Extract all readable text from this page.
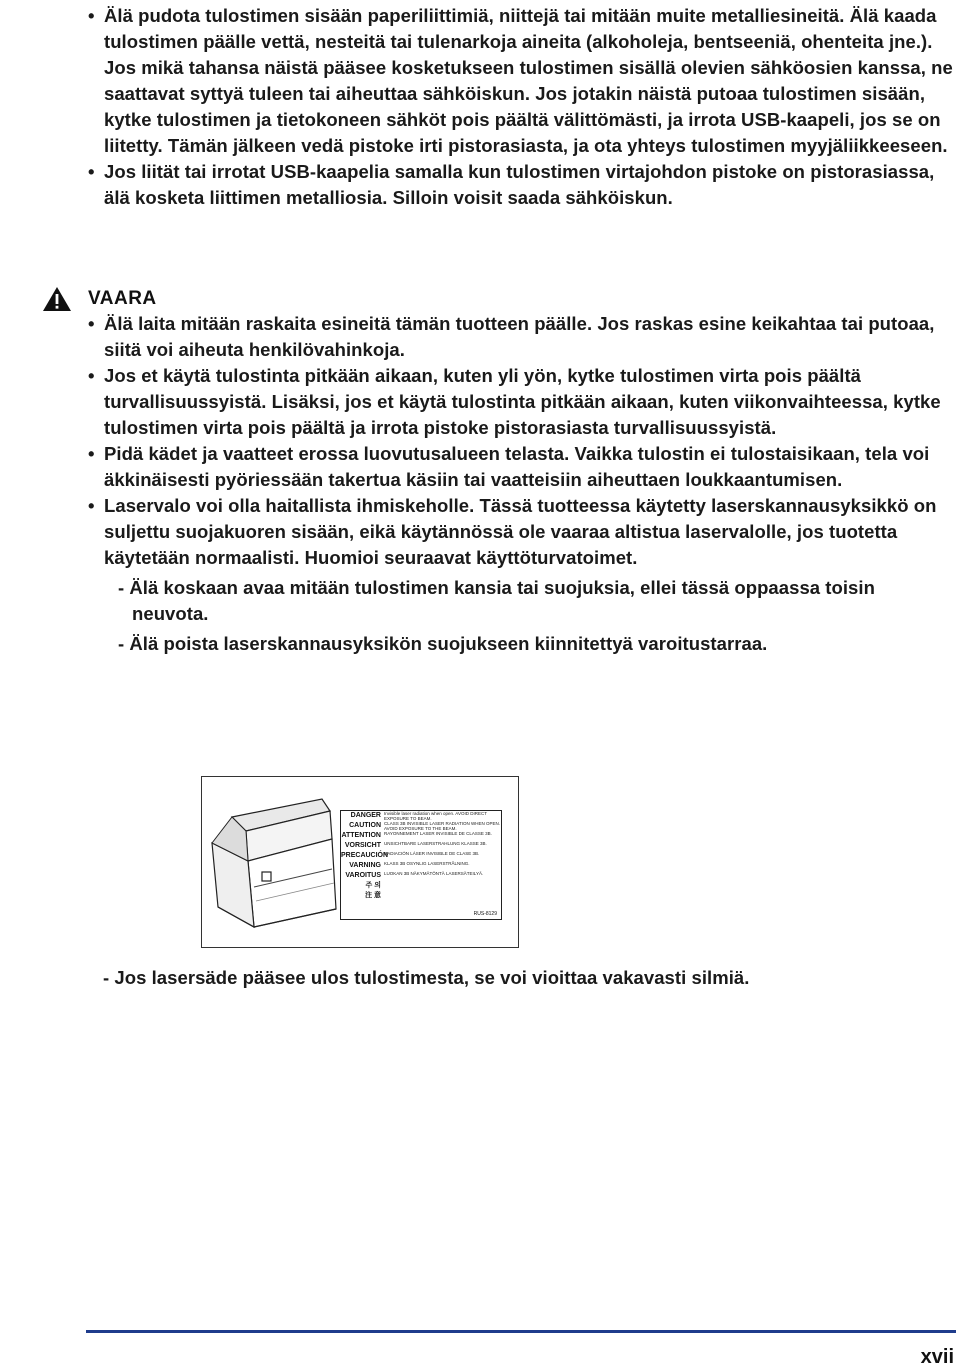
• Älä pudota tulostimen sisään paperiliittimiä, niittejä tai mitään muite metalliesineitä. Älä kaada tulostimen päälle vettä, nesteitä tai tulenarkoja aineita (alkoholeja, bentseeniä, ohenteita jne.). Jos mikä tahansa näistä pääsee kosketukseen tulostimen sisällä olevien sähköosien kanssa, ne saattavat syttyä tuleen tai aiheuttaa sähköiskun. Jos jotakin näistä putoaa tulostimen sisään, kytke tulostimen ja tietokoneen sähköt pois päältä välittömästi, ja irrota USB-kaapeli, jos se on liitetty. Tämän jälkeen vedä pistoke irti pistorasiasta, ja ota yhteys tulostimen myyjäliikkeeseen.
• Jos liität tai irrotat USB-kaapelia samalla kun tulostimen virtajohdon pistoke on pistorasiassa, älä kosketa liittimen metalliosia. Silloin voisit saada sähköiskun.
VAARA
• Älä laita mitään raskaita esineitä tämän tuotteen päälle. Jos raskas esine keikahtaa tai putoaa, siitä voi aiheuta henkilövahinkoja.
• Jos et käytä tulostinta pitkään aikaan, kuten yli yön, kytke tulostimen virta pois päältä turvallisuussyistä. Lisäksi, jos et käytä tulostinta pitkään aikaan, kuten viikonvaihteessa, kytke tulostimen virta pois päältä ja irrota pistoke pistorasiasta turvallisuussyistä.
• Pidä kädet ja vaatteet erossa luovutusalueen telasta. Vaikka tulostin ei tulostaisikaan, tela voi äkkinäisesti pyöriessään takertua käsiin tai vaatteisiin aiheuttaen loukkaantumisen.
• Laservalo voi olla haitallista ihmiskeholle. Tässä tuotteessa käytetty laserskannausyksikkö on suljettu suojakuoren sisään, eikä käytännössä ole vaaraa altistua laservalolle, jos tuotetta käytetään normaalisti. Huomioi seuraavat käyttöturvatoimet.
- Älä koskaan avaa mitään tulostimen kansia tai suojuksia, ellei tässä oppaassa toisin neuvota.
- Älä poista laserskannausyksikön suojukseen kiinnitettyä varoitustarraa.
DANGER Invisible laser radiation when open. AVOID DIRECT EXPOSURE TO BEAM.
CAUTION CLASS 3B INVISIBLE LASER RADIATION WHEN OPEN. AVOID EXPOSURE TO THE BEAM.
ATTENTION RAYONNEMENT LASER INVISIBLE DE CLASSE 3B.
VORSICHT UNSICHTBARE LASERSTRAHLUNG KLASSE 3B.
PRECAUCIÓN
RADIACIÓN LÁSER INVISIBLE DE CLASE 3B.
VARNING KLASS 3B OSYNLIG LASERSTRÅLNING.
VAROITUS LUOKAN 3B NÄKYMÄTÖNTÄ LASERSÄTEILYÄ.
주 의
注 意
RUS-8129
- Jos lasersäde pääsee ulos tulostimesta, se voi vioittaa vakavasti silmiä.
xvii
